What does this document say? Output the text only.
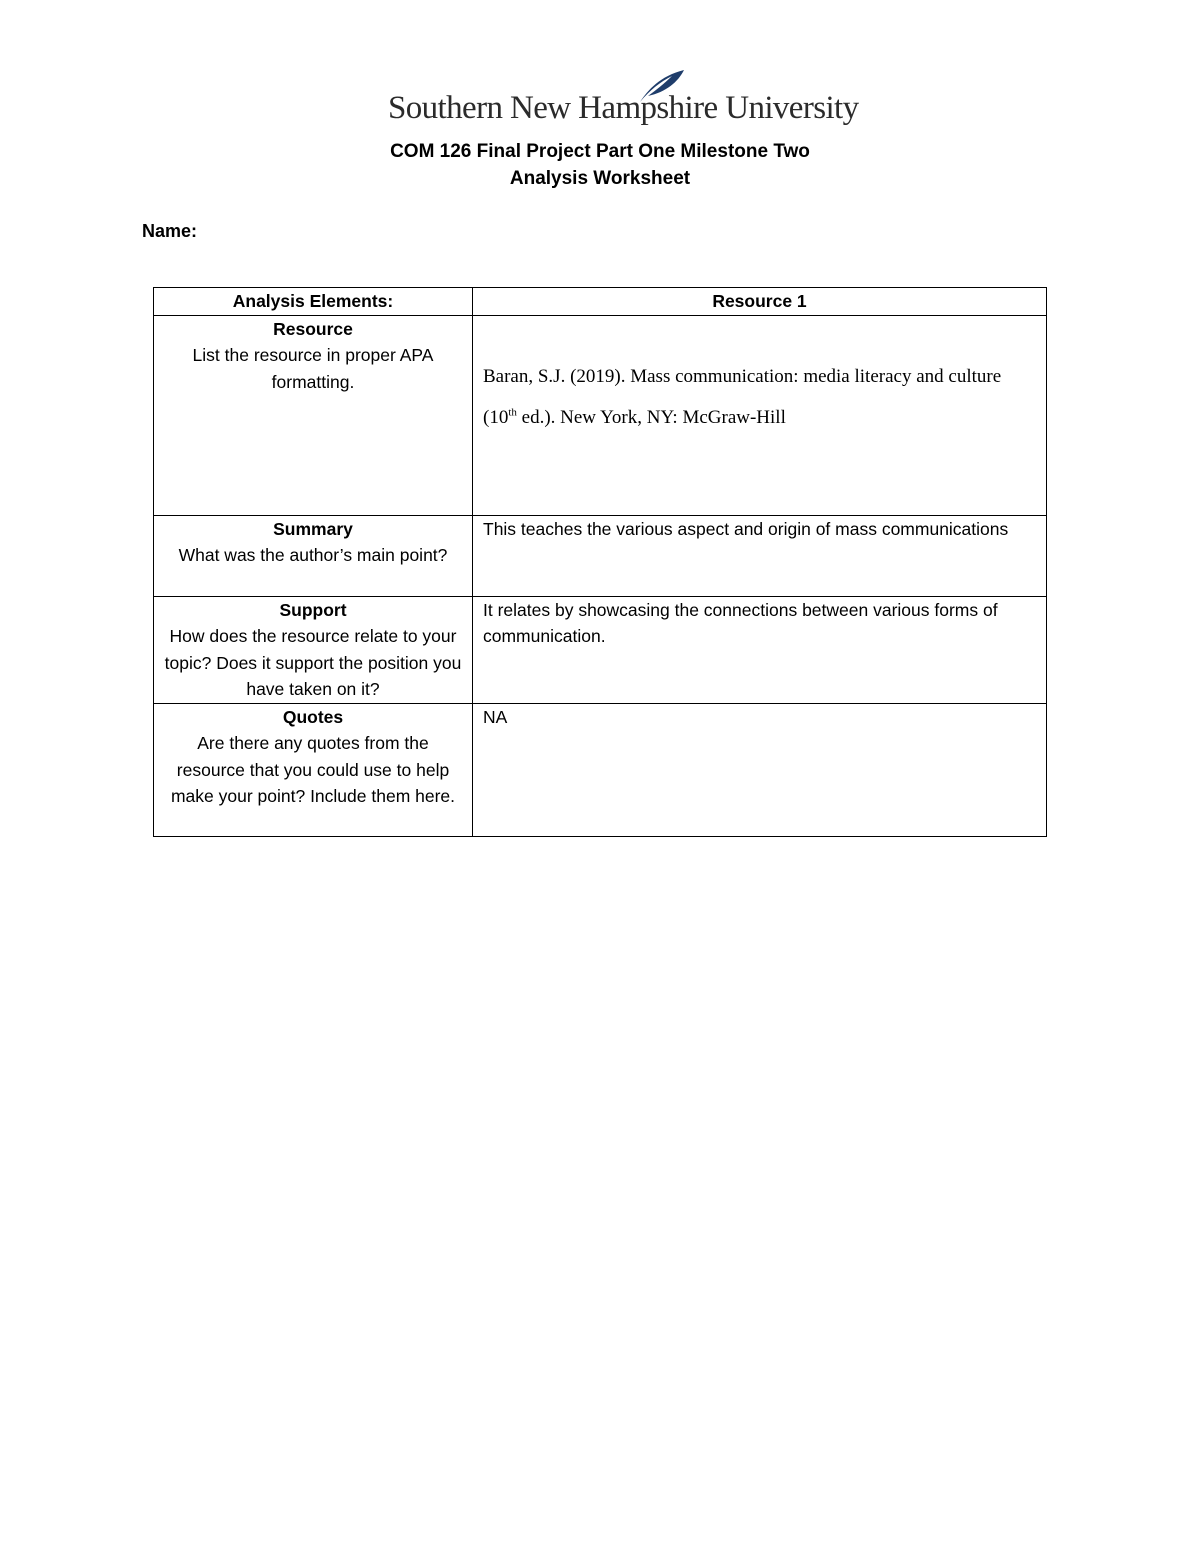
Southern New Hampshire University
COM 126 Final Project Part One Milestone Two
Analysis Worksheet
Name:
Analysis Elements:	Resource 1

Resource
List the resource in proper APA formatting.	Baran, S.J. (2019). Mass communication: media literacy and culture (10th ed.). New York, NY: McGraw-Hill

Summary
What was the author’s main point?	This teaches the various aspect and origin of mass communications

Support
How does the resource relate to your topic? Does it support the position you have taken on it?	It relates by showcasing the connections between various forms of communication.

Quotes
Are there any quotes from the resource that you could use to help make your point? Include them here.	NA
